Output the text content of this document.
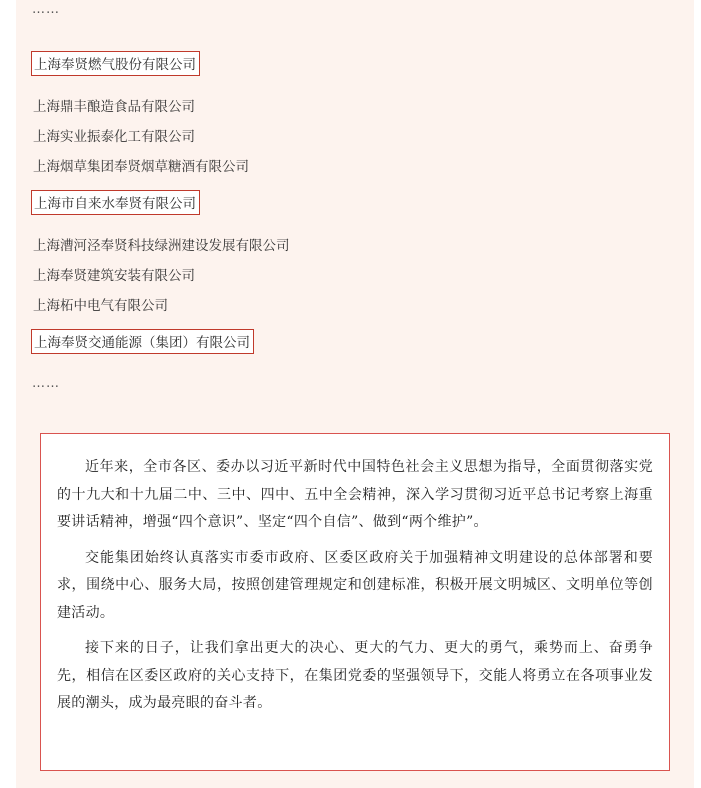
……
上海奉贤燃气股份有限公司
上海鼎丰酿造食品有限公司
上海实业振泰化工有限公司
上海烟草集团奉贤烟草糖酒有限公司
上海市自来水奉贤有限公司
上海漕河泾奉贤科技绿洲建设发展有限公司
上海奉贤建筑安装有限公司
上海柘中电气有限公司
上海奉贤交通能源（集团）有限公司
……

近年来，全市各区、委办以习近平新时代中国特色社会主义思想为指导，全面贯彻落实党的十九大和十九届二中、三中、四中、五中全会精神，深入学习贯彻习近平总书记考察上海重要讲话精神，增强“四个意识”、坚定“四个自信”、做到“两个维护”。

交能集团始终认真落实市委市政府、区委区政府关于加强精神文明建设的总体部署和要求，围绕中心、服务大局，按照创建管理规定和创建标准，积极开展文明城区、文明单位等创建活动。

接下来的日子，让我们拿出更大的决心、更大的气力、更大的勇气，乘势而上、奋勇争先，相信在区委区政府的关心支持下，在集团党委的坚强领导下，交能人将勇立在各项事业发展的潮头，成为最亮眼的奋斗者。
